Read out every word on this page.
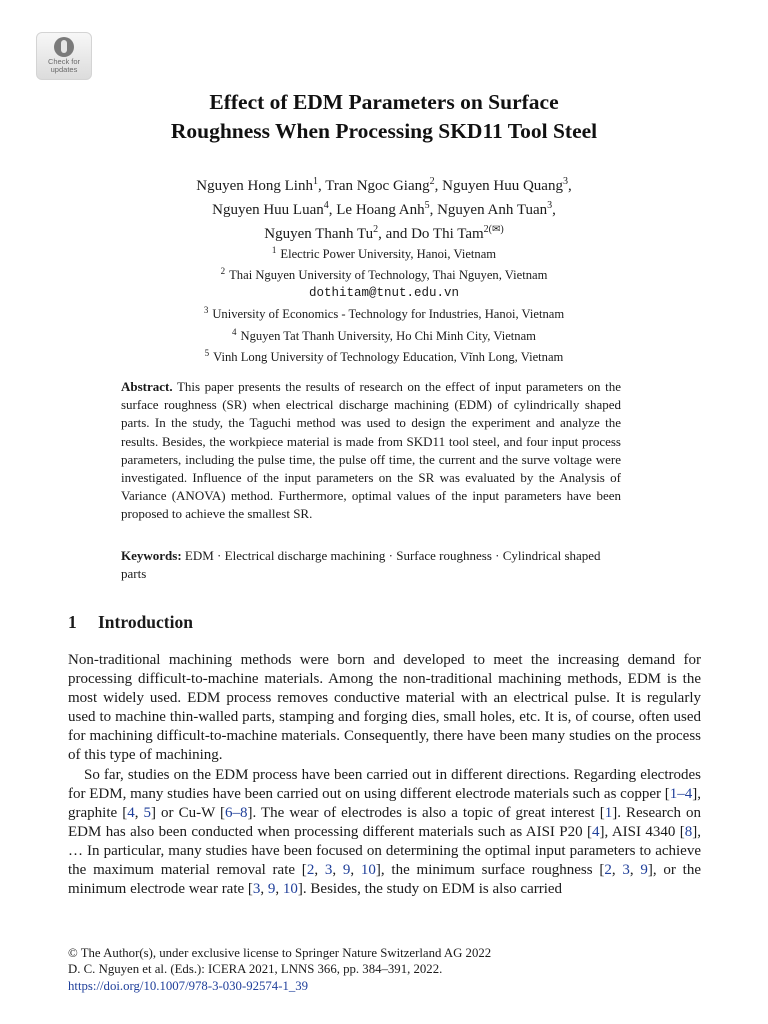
Check for
updates
Effect of EDM Parameters on Surface
Roughness When Processing SKD11 Tool Steel
Nguyen Hong Linh$^1$, Tran Ngoc Giang$^2$, Nguyen Huu Quang$^3$,
Nguyen Huu Luan$^4$, Le Hoang Anh$^5$, Nguyen Anh Tuan$^3$,
Nguyen Thanh Tu$^2$, and Do Thi Tam$^{2(✉)}$
$^1$ Electric Power University, Hanoi, Vietnam
$^2$ Thai Nguyen University of Technology, Thai Nguyen, Vietnam
dothitam@tnut.edu.vn
$^3$ University of Economics - Technology for Industries, Hanoi, Vietnam
$^4$ Nguyen Tat Thanh University, Ho Chi Minh City, Vietnam
$^5$ Vinh Long University of Technology Education, Vĩnh Long, Vietnam
Abstract. This paper presents the results of research on the effect of input parameters on the surface roughness (SR) when electrical discharge machining (EDM) of cylindrically shaped parts. In the study, the Taguchi method was used to design the experiment and analyze the results. Besides, the workpiece material is made from SKD11 tool steel, and four input process parameters, including the pulse time, the pulse off time, the current and the surve voltage were investigated. Influence of the input parameters on the SR was evaluated by the Analysis of Variance (ANOVA) method. Furthermore, optimal values of the input parameters have been proposed to achieve the smallest SR.
Keywords: EDM · Electrical discharge machining · Surface roughness · Cylindrical shaped parts
1 Introduction

Non-traditional machining methods were born and developed to meet the increasing demand for processing difficult-to-machine materials. Among the non-traditional machining methods, EDM is the most widely used. EDM process removes conductive material with an electrical pulse. It is regularly used to machine thin-walled parts, stamping and forging dies, small holes, etc. It is, of course, often used for machining difficult-to-machine materials. Consequently, there have been many studies on the process of this type of machining.

So far, studies on the EDM process have been carried out in different directions. Regarding electrodes for EDM, many studies have been carried out on using different electrode materials such as copper [1–4], graphite [4, 5] or Cu-W [6–8]. The wear of electrodes is also a topic of great interest [1]. Research on EDM has also been conducted when processing different materials such as AISI P20 [4], AISI 4340 [8], … In particular, many studies have been focused on determining the optimal input parameters to achieve the maximum material removal rate [2, 3, 9, 10], the minimum surface roughness [2, 3, 9], or the minimum electrode wear rate [3, 9, 10]. Besides, the study on EDM is also carried

© The Author(s), under exclusive license to Springer Nature Switzerland AG 2022
D. C. Nguyen et al. (Eds.): ICERA 2021, LNNS 366, pp. 384–391, 2022.
https://doi.org/10.1007/978-3-030-92574-1_39
